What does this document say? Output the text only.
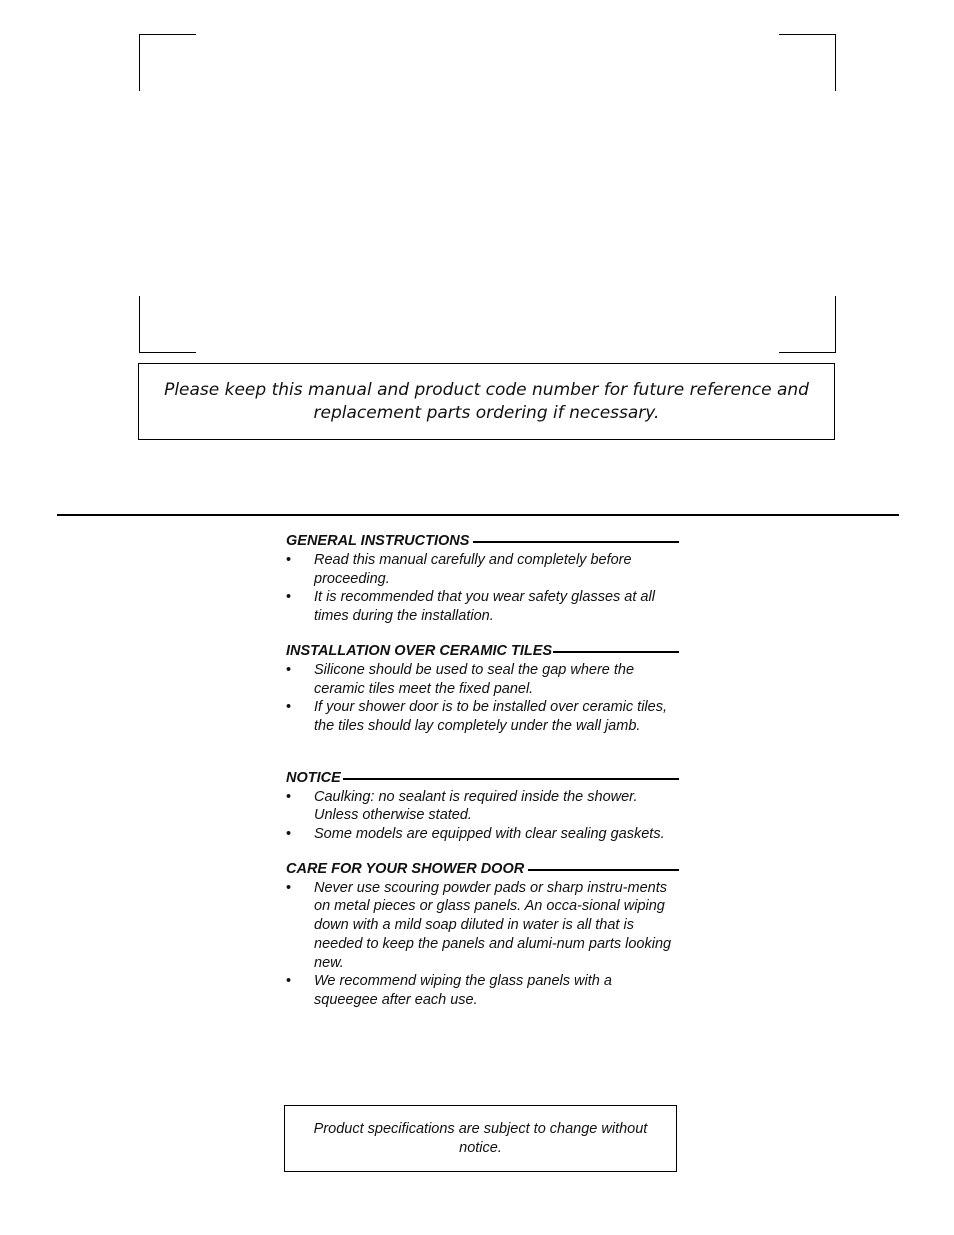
Please keep this manual and product code number for future reference and replacement parts ordering if necessary.
GENERAL INSTRUCTIONS
• Read this manual carefully and completely before proceeding.
• It is recommended that you wear safety glasses at all times during the installation.
INSTALLATION OVER CERAMIC TILES
• Silicone should be used to seal the gap where the ceramic tiles meet the fixed panel.
• If your shower door is to be installed over ceramic tiles, the tiles should lay completely under the wall jamb.
NOTICE
• Caulking: no sealant is required inside the shower. Unless otherwise stated.
• Some models are equipped with clear sealing gaskets.
CARE FOR YOUR SHOWER DOOR
• Never use scouring powder pads or sharp instru-ments on metal pieces or glass panels. An occa-sional wiping down with a mild soap diluted in water is all that is needed to keep the panels and alumi-num parts looking new.
• We recommend wiping the glass panels with a squeegee after each use.
Product specifications are subject to change without notice.
